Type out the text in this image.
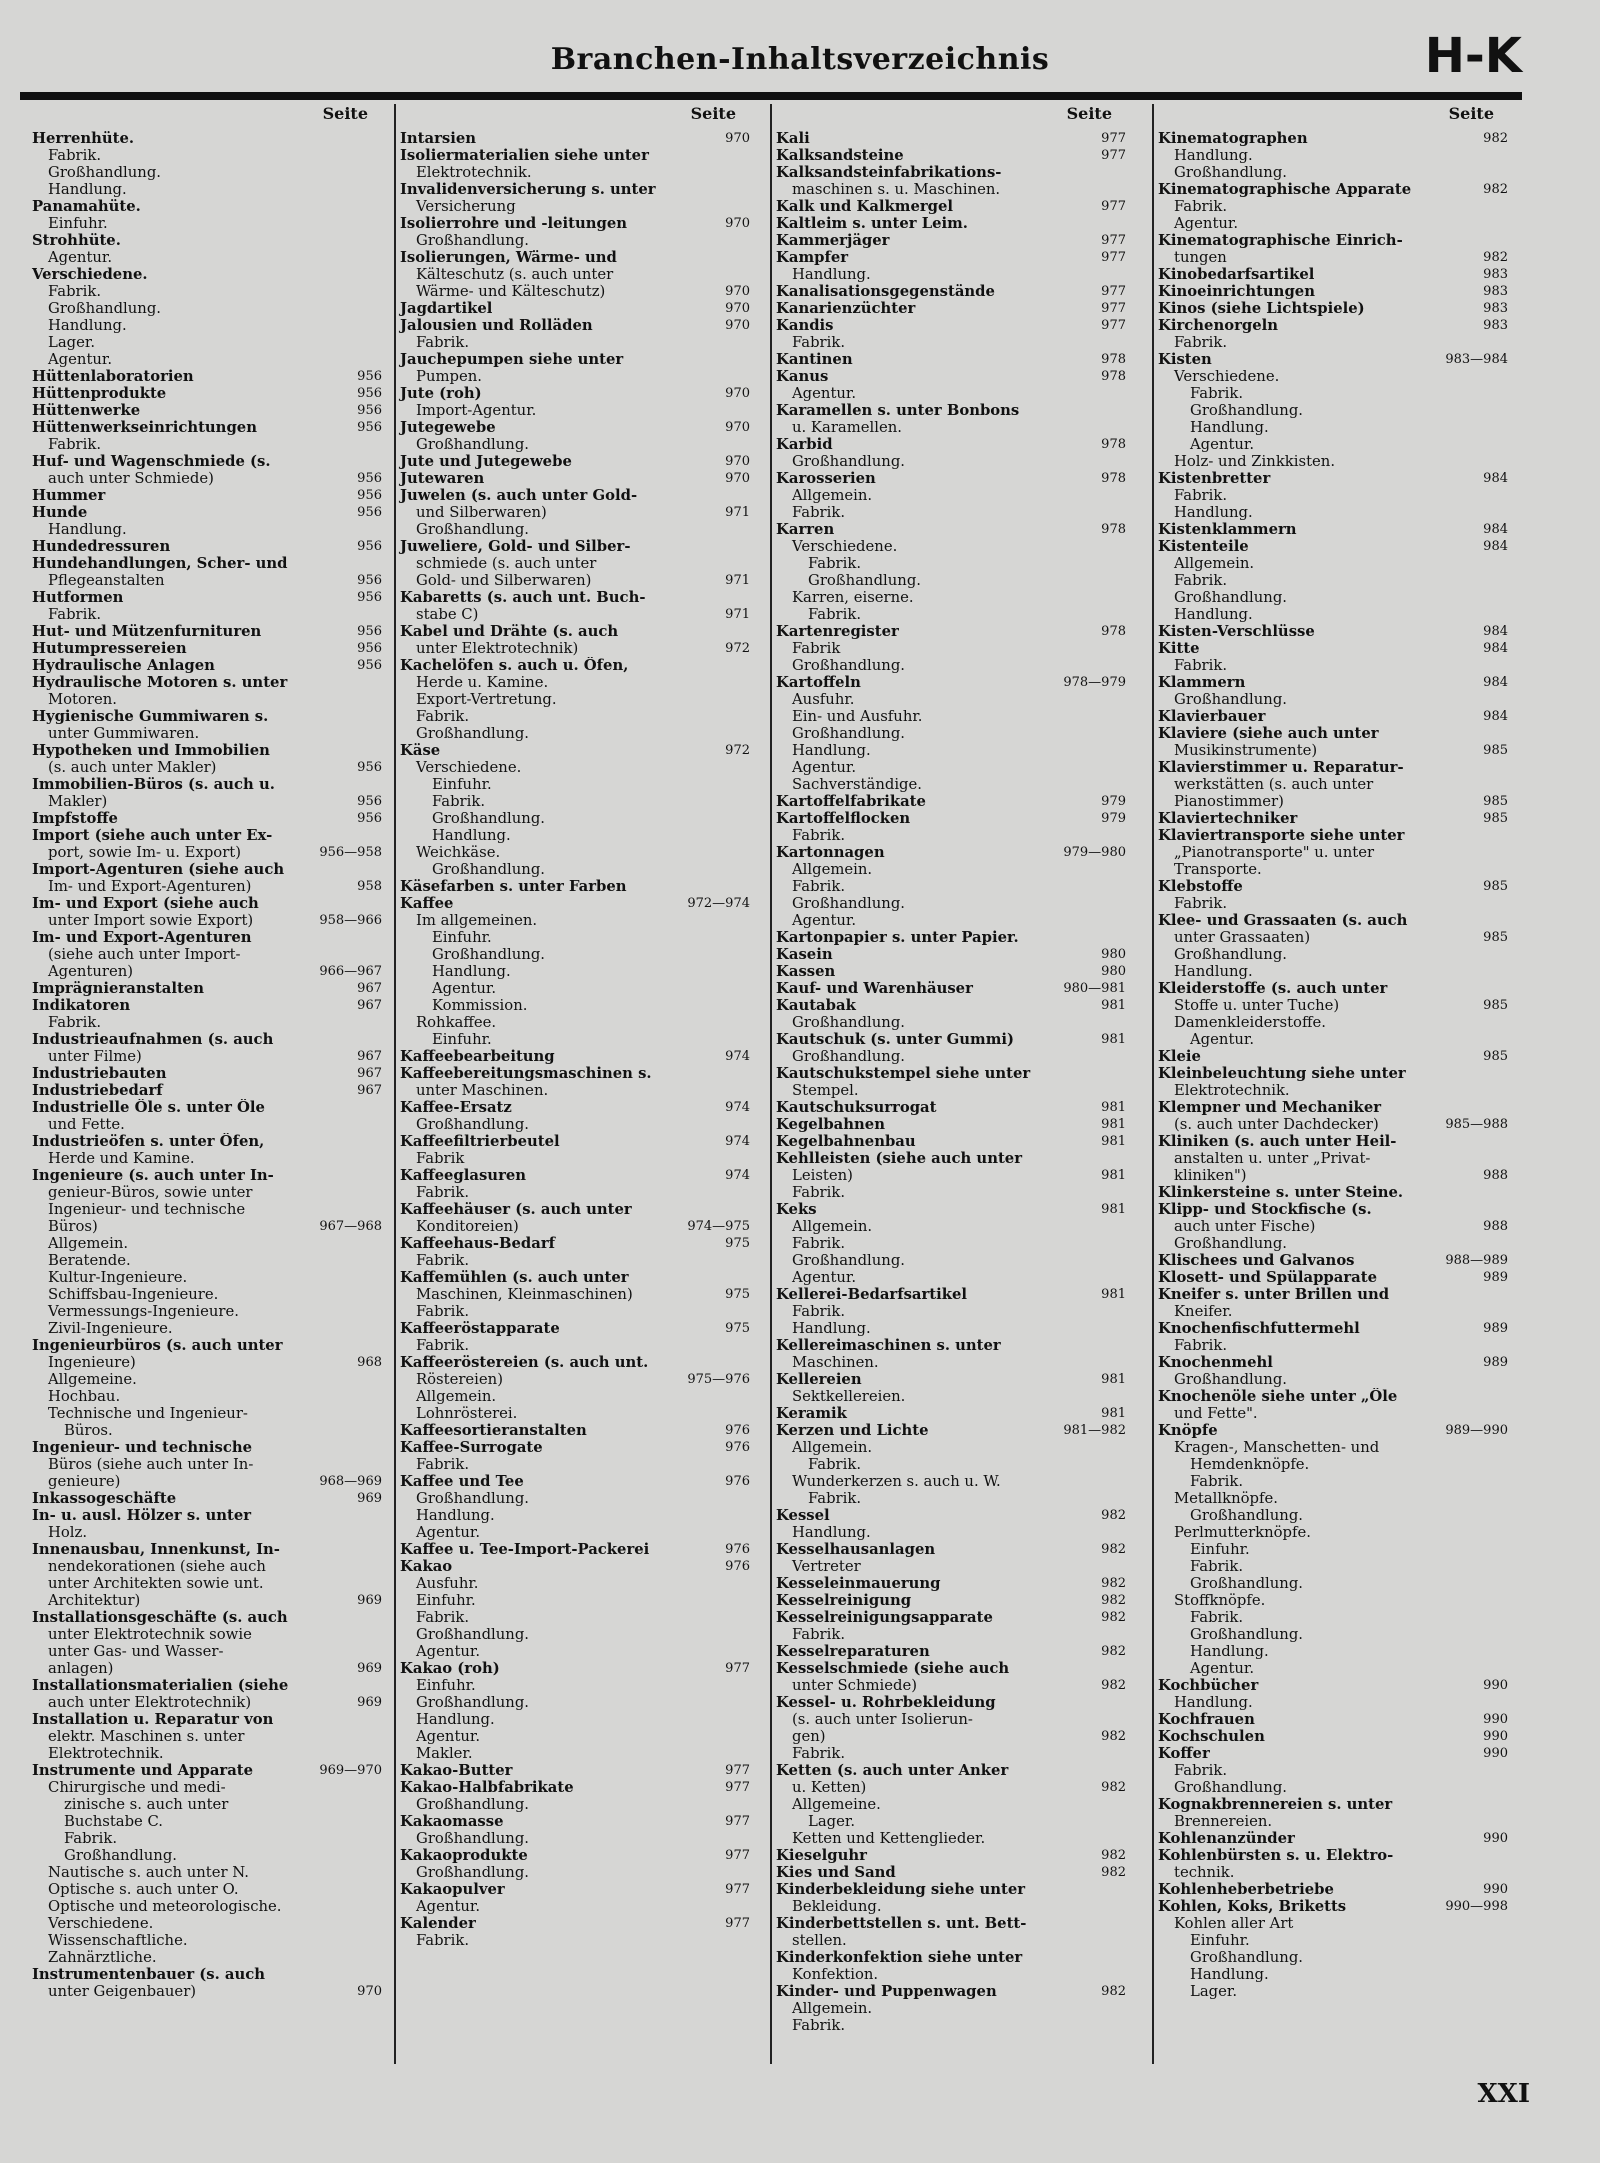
Branchen-Inhaltsverzeichnis	H-K
Seite
Herrenhüte.
Fabrik.
Großhandlung.
Handlung.
Panamahüte.
Einfuhr.
Strohhüte.
Agentur.
Verschiedene.
Fabrik.
Großhandlung.
Handlung.
Lager.
Agentur.
Hüttenlaboratorien	956
Hüttenprodukte	956
Hüttenwerke	956
Hüttenwerkseinrichtungen	956
Fabrik.
Huf- und Wagenschmiede (s.
auch unter Schmiede)	956
Hummer	956
Hunde	956
Handlung.
Hundedressuren	956
Hundehandlungen, Scher- und
Pflegeanstalten	956
Hutformen	956
Fabrik.
Hut- und Mützenfurnituren	956
Hutumpressereien	956
Hydraulische Anlagen	956
Hydraulische Motoren s. unter
Motoren.
Hygienische Gummiwaren s.
unter Gummiwaren.
Hypotheken und Immobilien
(s. auch unter Makler)	956
Immobilien-Büros (s. auch u.
Makler)	956
Impfstoffe	956
Import (siehe auch unter Ex-
port, sowie Im- u. Export)	956—958
Import-Agenturen (siehe auch
Im- und Export-Agenturen)	958
Im- und Export (siehe auch
unter Import sowie Export)	958—966
Im- und Export-Agenturen
(siehe auch unter Import-
Agenturen)	966—967
Imprägnieranstalten	967
Indikatoren	967
Fabrik.
Industrieaufnahmen (s. auch
unter Filme)	967
Industriebauten	967
Industriebedarf	967
Industrielle Öle s. unter Öle
und Fette.
Industrieöfen s. unter Öfen,
Herde und Kamine.
Ingenieure (s. auch unter In-
genieur-Büros, sowie unter
Ingenieur- und technische
Büros)	967—968
Allgemein.
Beratende.
Kultur-Ingenieure.
Schiffsbau-Ingenieure.
Vermessungs-Ingenieure.
Zivil-Ingenieure.
Ingenieurbüros (s. auch unter
Ingenieure)	968
Allgemeine.
Hochbau.
Technische und Ingenieur-
Büros.
Ingenieur- und technische
Büros (siehe auch unter In-
genieure)	968—969
Inkassogeschäfte	969
In- u. ausl. Hölzer s. unter
Holz.
Innenausbau, Innenkunst, In-
nendekorationen (siehe auch
unter Architekten sowie unt.
Architektur)	969
Installationsgeschäfte (s. auch
unter Elektrotechnik sowie
unter Gas- und Wasser-
anlagen)	969
Installationsmaterialien (siehe
auch unter Elektrotechnik)	969
Installation u. Reparatur von
elektr. Maschinen s. unter
Elektrotechnik.
Instrumente und Apparate	969—970
Chirurgische und medi-
zinische s. auch unter
Buchstabe C.
Fabrik.
Großhandlung.
Nautische s. auch unter N.
Optische s. auch unter O.
Optische und meteorologische.
Verschiedene.
Wissenschaftliche.
Zahnärztliche.
Instrumentenbauer (s. auch
unter Geigenbauer)	970
Seite
Intarsien	970
Isoliermaterialien siehe unter
Elektrotechnik.
Invalidenversicherung s. unter
Versicherung
Isolierrohre und -leitungen	970
Großhandlung.
Isolierungen, Wärme- und
Kälteschutz (s. auch unter
Wärme- und Kälteschutz)	970
Jagdartikel	970
Jalousien und Rolläden	970
Fabrik.
Jauchepumpen siehe unter
Pumpen.
Jute (roh)	970
Import-Agentur.
Jutegewebe	970
Großhandlung.
Jute und Jutegewebe	970
Jutewaren	970
Juwelen (s. auch unter Gold-
und Silberwaren)	971
Großhandlung.
Juweliere, Gold- und Silber-
schmiede (s. auch unter
Gold- und Silberwaren)	971
Kabaretts (s. auch unt. Buch-
stabe C)	971
Kabel und Drähte (s. auch
unter Elektrotechnik)	972
Kachelöfen s. auch u. Öfen,
Herde u. Kamine.
Export-Vertretung.
Fabrik.
Großhandlung.
Käse	972
Verschiedene.
Einfuhr.
Fabrik.
Großhandlung.
Handlung.
Weichkäse.
Großhandlung.
Käsefarben s. unter Farben
Kaffee	972—974
Im allgemeinen.
Einfuhr.
Großhandlung.
Handlung.
Agentur.
Kommission.
Rohkaffee.
Einfuhr.
Kaffeebearbeitung	974
Kaffeebereitungsmaschinen s.
unter Maschinen.
Kaffee-Ersatz	974
Großhandlung.
Kaffeefiltrierbeutel	974
Fabrik
Kaffeeglasuren	974
Fabrik.
Kaffeehäuser (s. auch unter
Konditoreien)	974—975
Kaffeehaus-Bedarf	975
Fabrik.
Kaffemühlen (s. auch unter
Maschinen, Kleinmaschinen)	975
Fabrik.
Kaffeeröstapparate	975
Fabrik.
Kaffeeröstereien (s. auch unt.
Röstereien)	975—976
Allgemein.
Lohnrösterei.
Kaffeesortieranstalten	976
Kaffee-Surrogate	976
Fabrik.
Kaffee und Tee	976
Großhandlung.
Handlung.
Agentur.
Kaffee u. Tee-Import-Packerei	976
Kakao	976
Ausfuhr.
Einfuhr.
Fabrik.
Großhandlung.
Agentur.
Kakao (roh)	977
Einfuhr.
Großhandlung.
Handlung.
Agentur.
Makler.
Kakao-Butter	977
Kakao-Halbfabrikate	977
Großhandlung.
Kakaomasse	977
Großhandlung.
Kakaoprodukte	977
Großhandlung.
Kakaopulver	977
Agentur.
Kalender	977
Fabrik.
Seite
Kali	977
Kalksandsteine	977
Kalksandsteinfabrikations-
maschinen s. u. Maschinen.
Kalk und Kalkmergel	977
Kaltleim s. unter Leim.
Kammerjäger	977
Kampfer	977
Handlung.
Kanalisationsgegenstände	977
Kanarienzüchter	977
Kandis	977
Fabrik.
Kantinen	978
Kanus	978
Agentur.
Karamellen s. unter Bonbons
u. Karamellen.
Karbid	978
Großhandlung.
Karosserien	978
Allgemein.
Fabrik.
Karren	978
Verschiedene.
Fabrik.
Großhandlung.
Karren, eiserne.
Fabrik.
Kartenregister	978
Fabrik
Großhandlung.
Kartoffeln	978—979
Ausfuhr.
Ein- und Ausfuhr.
Großhandlung.
Handlung.
Agentur.
Sachverständige.
Kartoffelfabrikate	979
Kartoffelflocken	979
Fabrik.
Kartonnagen	979—980
Allgemein.
Fabrik.
Großhandlung.
Agentur.
Kartonpapier s. unter Papier.
Kasein	980
Kassen	980
Kauf- und Warenhäuser	980—981
Kautabak	981
Großhandlung.
Kautschuk (s. unter Gummi)	981
Großhandlung.
Kautschukstempel siehe unter
Stempel.
Kautschuksurrogat	981
Kegelbahnen	981
Kegelbahnenbau	981
Kehlleisten (siehe auch unter
Leisten)	981
Fabrik.
Keks	981
Allgemein.
Fabrik.
Großhandlung.
Agentur.
Kellerei-Bedarfsartikel	981
Fabrik.
Handlung.
Kellereimaschinen s. unter
Maschinen.
Kellereien	981
Sektkellereien.
Keramik	981
Kerzen und Lichte	981—982
Allgemein.
Fabrik.
Wunderkerzen s. auch u. W.
Fabrik.
Kessel	982
Handlung.
Kesselhausanlagen	982
Vertreter
Kesseleinmauerung	982
Kesselreinigung	982
Kesselreinigungsapparate	982
Fabrik.
Kesselreparaturen	982
Kesselschmiede (siehe auch
unter Schmiede)	982
Kessel- u. Rohrbekleidung
(s. auch unter Isolierun-
gen)	982
Fabrik.
Ketten (s. auch unter Anker
u. Ketten)	982
Allgemeine.
Lager.
Ketten und Kettenglieder.
Kieselguhr	982
Kies und Sand	982
Kinderbekleidung siehe unter
Bekleidung.
Kinderbettstellen s. unt. Bett-
stellen.
Kinderkonfektion siehe unter
Konfektion.
Kinder- und Puppenwagen	982
Allgemein.
Fabrik.
Seite
Kinematographen	982
Handlung.
Großhandlung.
Kinematographische Apparate	982
Fabrik.
Agentur.
Kinematographische Einrich-
tungen	982
Kinobedarfsartikel	983
Kinoeinrichtungen	983
Kinos (siehe Lichtspiele)	983
Kirchenorgeln	983
Fabrik.
Kisten	983—984
Verschiedene.
Fabrik.
Großhandlung.
Handlung.
Agentur.
Holz- und Zinkkisten.
Kistenbretter	984
Fabrik.
Handlung.
Kistenklammern	984
Kistenteile	984
Allgemein.
Fabrik.
Großhandlung.
Handlung.
Kisten-Verschlüsse	984
Kitte	984
Fabrik.
Klammern	984
Großhandlung.
Klavierbauer	984
Klaviere (siehe auch unter
Musikinstrumente)	985
Klavierstimmer u. Reparatur-
werkstätten (s. auch unter
Pianostimmer)	985
Klaviertechniker	985
Klaviertransporte siehe unter
„Pianotransporte" u. unter
Transporte.
Klebstoffe	985
Fabrik.
Klee- und Grassaaten (s. auch
unter Grassaaten)	985
Großhandlung.
Handlung.
Kleiderstoffe (s. auch unter
Stoffe u. unter Tuche)	985
Damenkleiderstoffe.
Agentur.
Kleie	985
Kleinbeleuchtung siehe unter
Elektrotechnik.
Klempner und Mechaniker
(s. auch unter Dachdecker)	985—988
Kliniken (s. auch unter Heil-
anstalten u. unter „Privat-
kliniken")	988
Klinkersteine s. unter Steine.
Klipp- und Stockfische (s.
auch unter Fische)	988
Großhandlung.
Klischees und Galvanos	988—989
Klosett- und Spülapparate	989
Kneifer s. unter Brillen und
Kneifer.
Knochenfischfuttermehl	989
Fabrik.
Knochenmehl	989
Großhandlung.
Knochenöle siehe unter „Öle
und Fette".
Knöpfe	989—990
Kragen-, Manschetten- und
Hemdenknöpfe.
Fabrik.
Metallknöpfe.
Großhandlung.
Perlmutterknöpfe.
Einfuhr.
Fabrik.
Großhandlung.
Stoffknöpfe.
Fabrik.
Großhandlung.
Handlung.
Agentur.
Kochbücher	990
Handlung.
Kochfrauen	990
Kochschulen	990
Koffer	990
Fabrik.
Großhandlung.
Kognakbrennereien s. unter
Brennereien.
Kohlenanzünder	990
Kohlenbürsten s. u. Elektro-
technik.
Kohlenheberbetriebe	990
Kohlen, Koks, Briketts	990—998
Kohlen aller Art
Einfuhr.
Großhandlung.
Handlung.
Lager.
XXI
